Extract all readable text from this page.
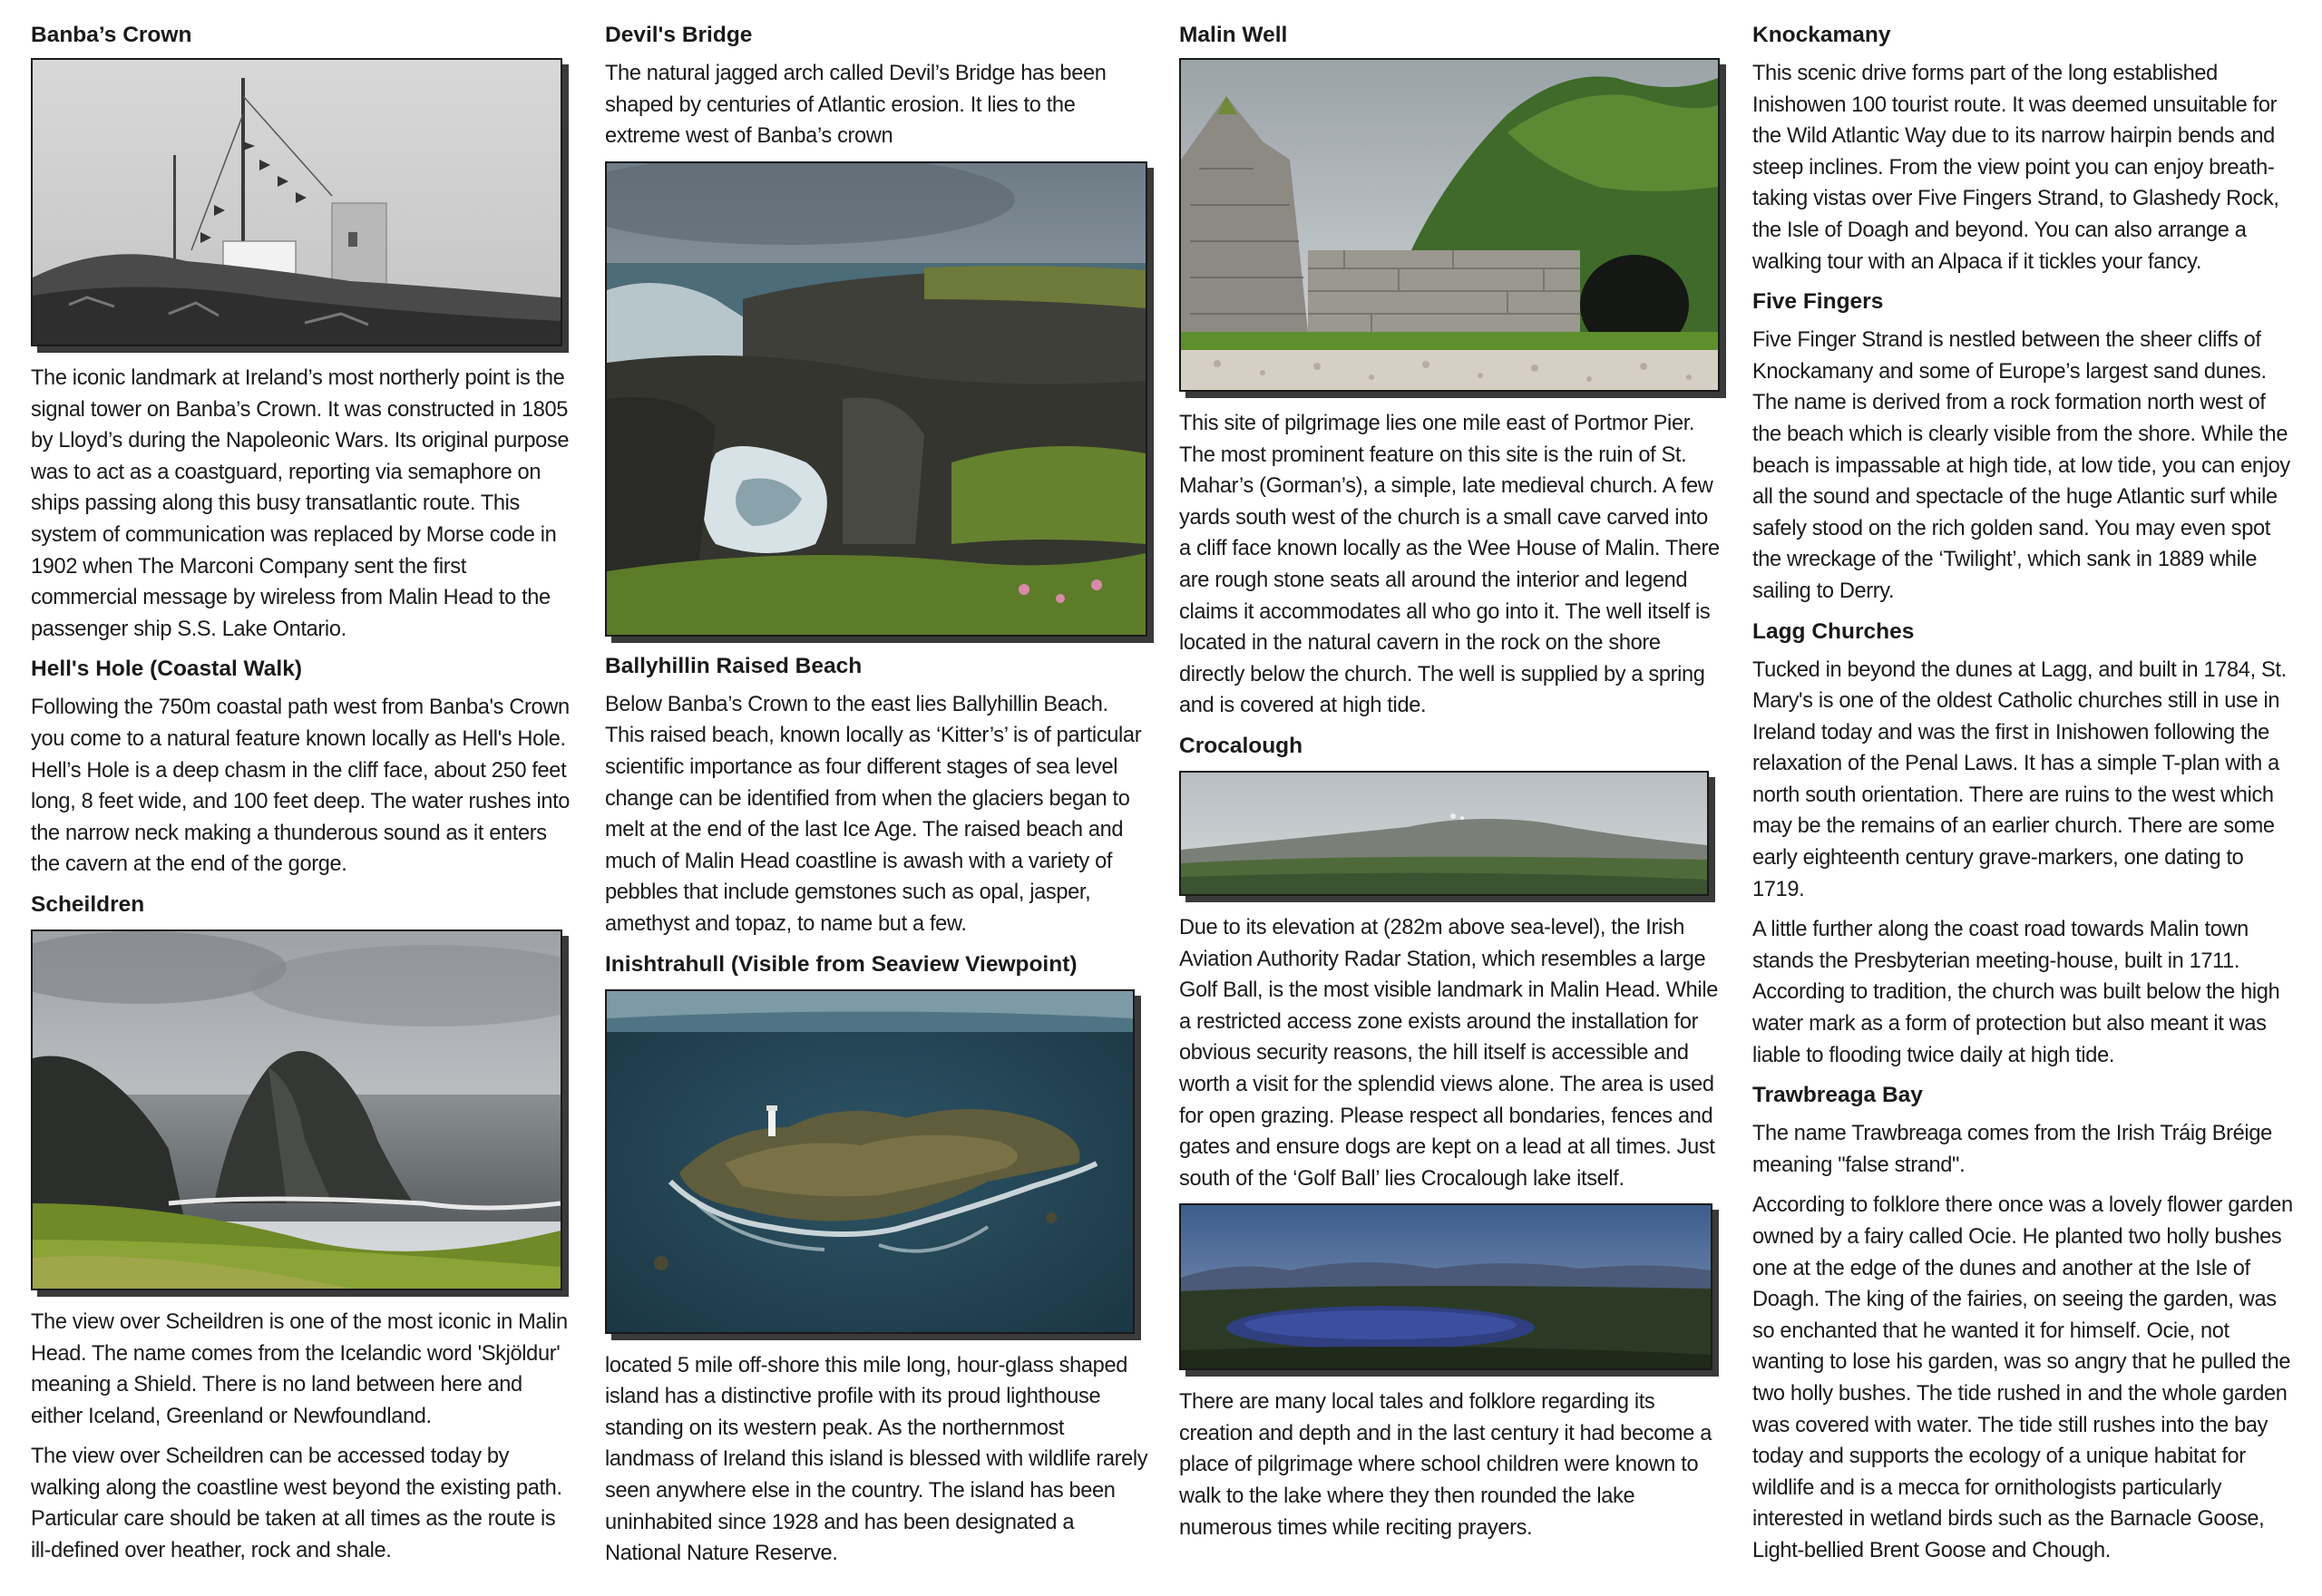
Banba’s Crown
The iconic landmark at Ireland’s most northerly point is the signal tower on Banba’s Crown. It was constructed in 1805 by Lloyd’s during the Napoleonic Wars. Its original purpose was to act as a coastguard, reporting via semaphore on ships passing along this busy transatlantic route. This system of communication was replaced by Morse code in 1902 when The Marconi Company sent the first commercial message by wireless from Malin Head to the passenger ship S.S. Lake Ontario.
Hell's Hole (Coastal Walk)
Following the 750m coastal path west from Banba's Crown you come to a natural feature known locally as Hell's Hole. Hell’s Hole is a deep chasm in the cliff face, about 250 feet long, 8 feet wide, and 100 feet deep. The water rushes into the narrow neck making a thunderous sound as it enters the cavern at the end of the gorge.
Scheildren
The view over Scheildren is one of the most iconic in Malin Head. The name comes from the Icelandic word 'Skjöldur' meaning a Shield. There is no land between here and either Iceland, Greenland or Newfoundland.
The view over Scheildren can be accessed today by walking along the coastline west beyond the existing path. Particular care should be taken at all times as the route is ill-defined over heather, rock and shale.
Devil's Bridge
The natural jagged arch called Devil’s Bridge has been shaped by centuries of Atlantic erosion. It lies to the extreme west of Banba’s crown
Ballyhillin Raised Beach
Below Banba’s Crown to the east lies Ballyhillin Beach. This raised beach, known locally as ‘Kitter’s’ is of particular scientific importance as four different stages of sea level change can be identified from when the glaciers began to melt at the end of the last Ice Age. The raised beach and much of Malin Head coastline is awash with a variety of pebbles that include gemstones such as opal, jasper, amethyst and topaz, to name but a few.
Inishtrahull (Visible from Seaview Viewpoint)
located 5 mile off-shore this mile long, hour-glass shaped island has a distinctive profile with its proud lighthouse standing on its western peak. As the northernmost landmass of Ireland this island is blessed with wildlife rarely seen anywhere else in the country. The island has been uninhabited since 1928 and has been designated a National Nature Reserve.
Malin Well
This site of pilgrimage lies one mile east of Portmor Pier. The most prominent feature on this site is the ruin of St. Mahar’s (Gorman’s), a simple, late medieval church. A few yards south west of the church is a small cave carved into a cliff face known locally as the Wee House of Malin. There are rough stone seats all around the interior and legend claims it accommodates all who go into it. The well itself is located in the natural cavern in the rock on the shore directly below the church. The well is supplied by a spring and is covered at high tide.
Crocalough
Due to its elevation at (282m above sea-level), the Irish Aviation Authority Radar Station, which resembles a large Golf Ball, is the most visible landmark in Malin Head. While a restricted access zone exists around the installation for obvious security reasons, the hill itself is accessible and worth a visit for the splendid views alone. The area is used for open grazing. Please respect all bondaries, fences and gates and ensure dogs are kept on a lead at all times. Just south of the ‘Golf Ball’ lies Crocalough lake itself.
There are many local tales and folklore regarding its creation and depth and in the last century it had become a place of pilgrimage where school children were known to walk to the lake where they then rounded the lake numerous times while reciting prayers.
Knockamany
This scenic drive forms part of the long established Inishowen 100 tourist route. It was deemed unsuitable for the Wild Atlantic Way due to its narrow hairpin bends and steep inclines. From the view point you can enjoy breath-taking vistas over Five Fingers Strand, to Glashedy Rock, the Isle of Doagh and beyond. You can also arrange a walking tour with an Alpaca if it tickles your fancy.
Five Fingers
Five Finger Strand is nestled between the sheer cliffs of Knockamany and some of Europe’s largest sand dunes. The name is derived from a rock formation north west of the beach which is clearly visible from the shore. While the beach is impassable at high tide, at low tide, you can enjoy all the sound and spectacle of the huge Atlantic surf while safely stood on the rich golden sand. You may even spot the wreckage of the ‘Twilight’, which sank in 1889 while sailing to Derry.
Lagg Churches
Tucked in beyond the dunes at Lagg, and built in 1784, St. Mary's is one of the oldest Catholic churches still in use in Ireland today and was the first in Inishowen following the relaxation of the Penal Laws. It has a simple T-plan with a north south orientation. There are ruins to the west which may be the remains of an earlier church. There are some early eighteenth century grave-markers, one dating to 1719.
A little further along the coast road towards Malin town stands the Presbyterian meeting-house, built in 1711. According to tradition, the church was built below the high water mark as a form of protection but also meant it was liable to flooding twice daily at high tide.
Trawbreaga Bay
The name Trawbreaga comes from the Irish Tráig Bréige meaning "false strand".
According to folklore there once was a lovely flower garden owned by a fairy called Ocie. He planted two holly bushes one at the edge of the dunes and another at the Isle of Doagh. The king of the fairies, on seeing the garden, was so enchanted that he wanted it for himself. Ocie, not wanting to lose his garden, was so angry that he pulled the two holly bushes. The tide rushed in and the whole garden was covered with water. The tide still rushes into the bay today and supports the ecology of a unique habitat for wildlife and is a mecca for ornithologists particularly interested in wetland birds such as the Barnacle Goose, Light-bellied Brent Goose and Chough.
